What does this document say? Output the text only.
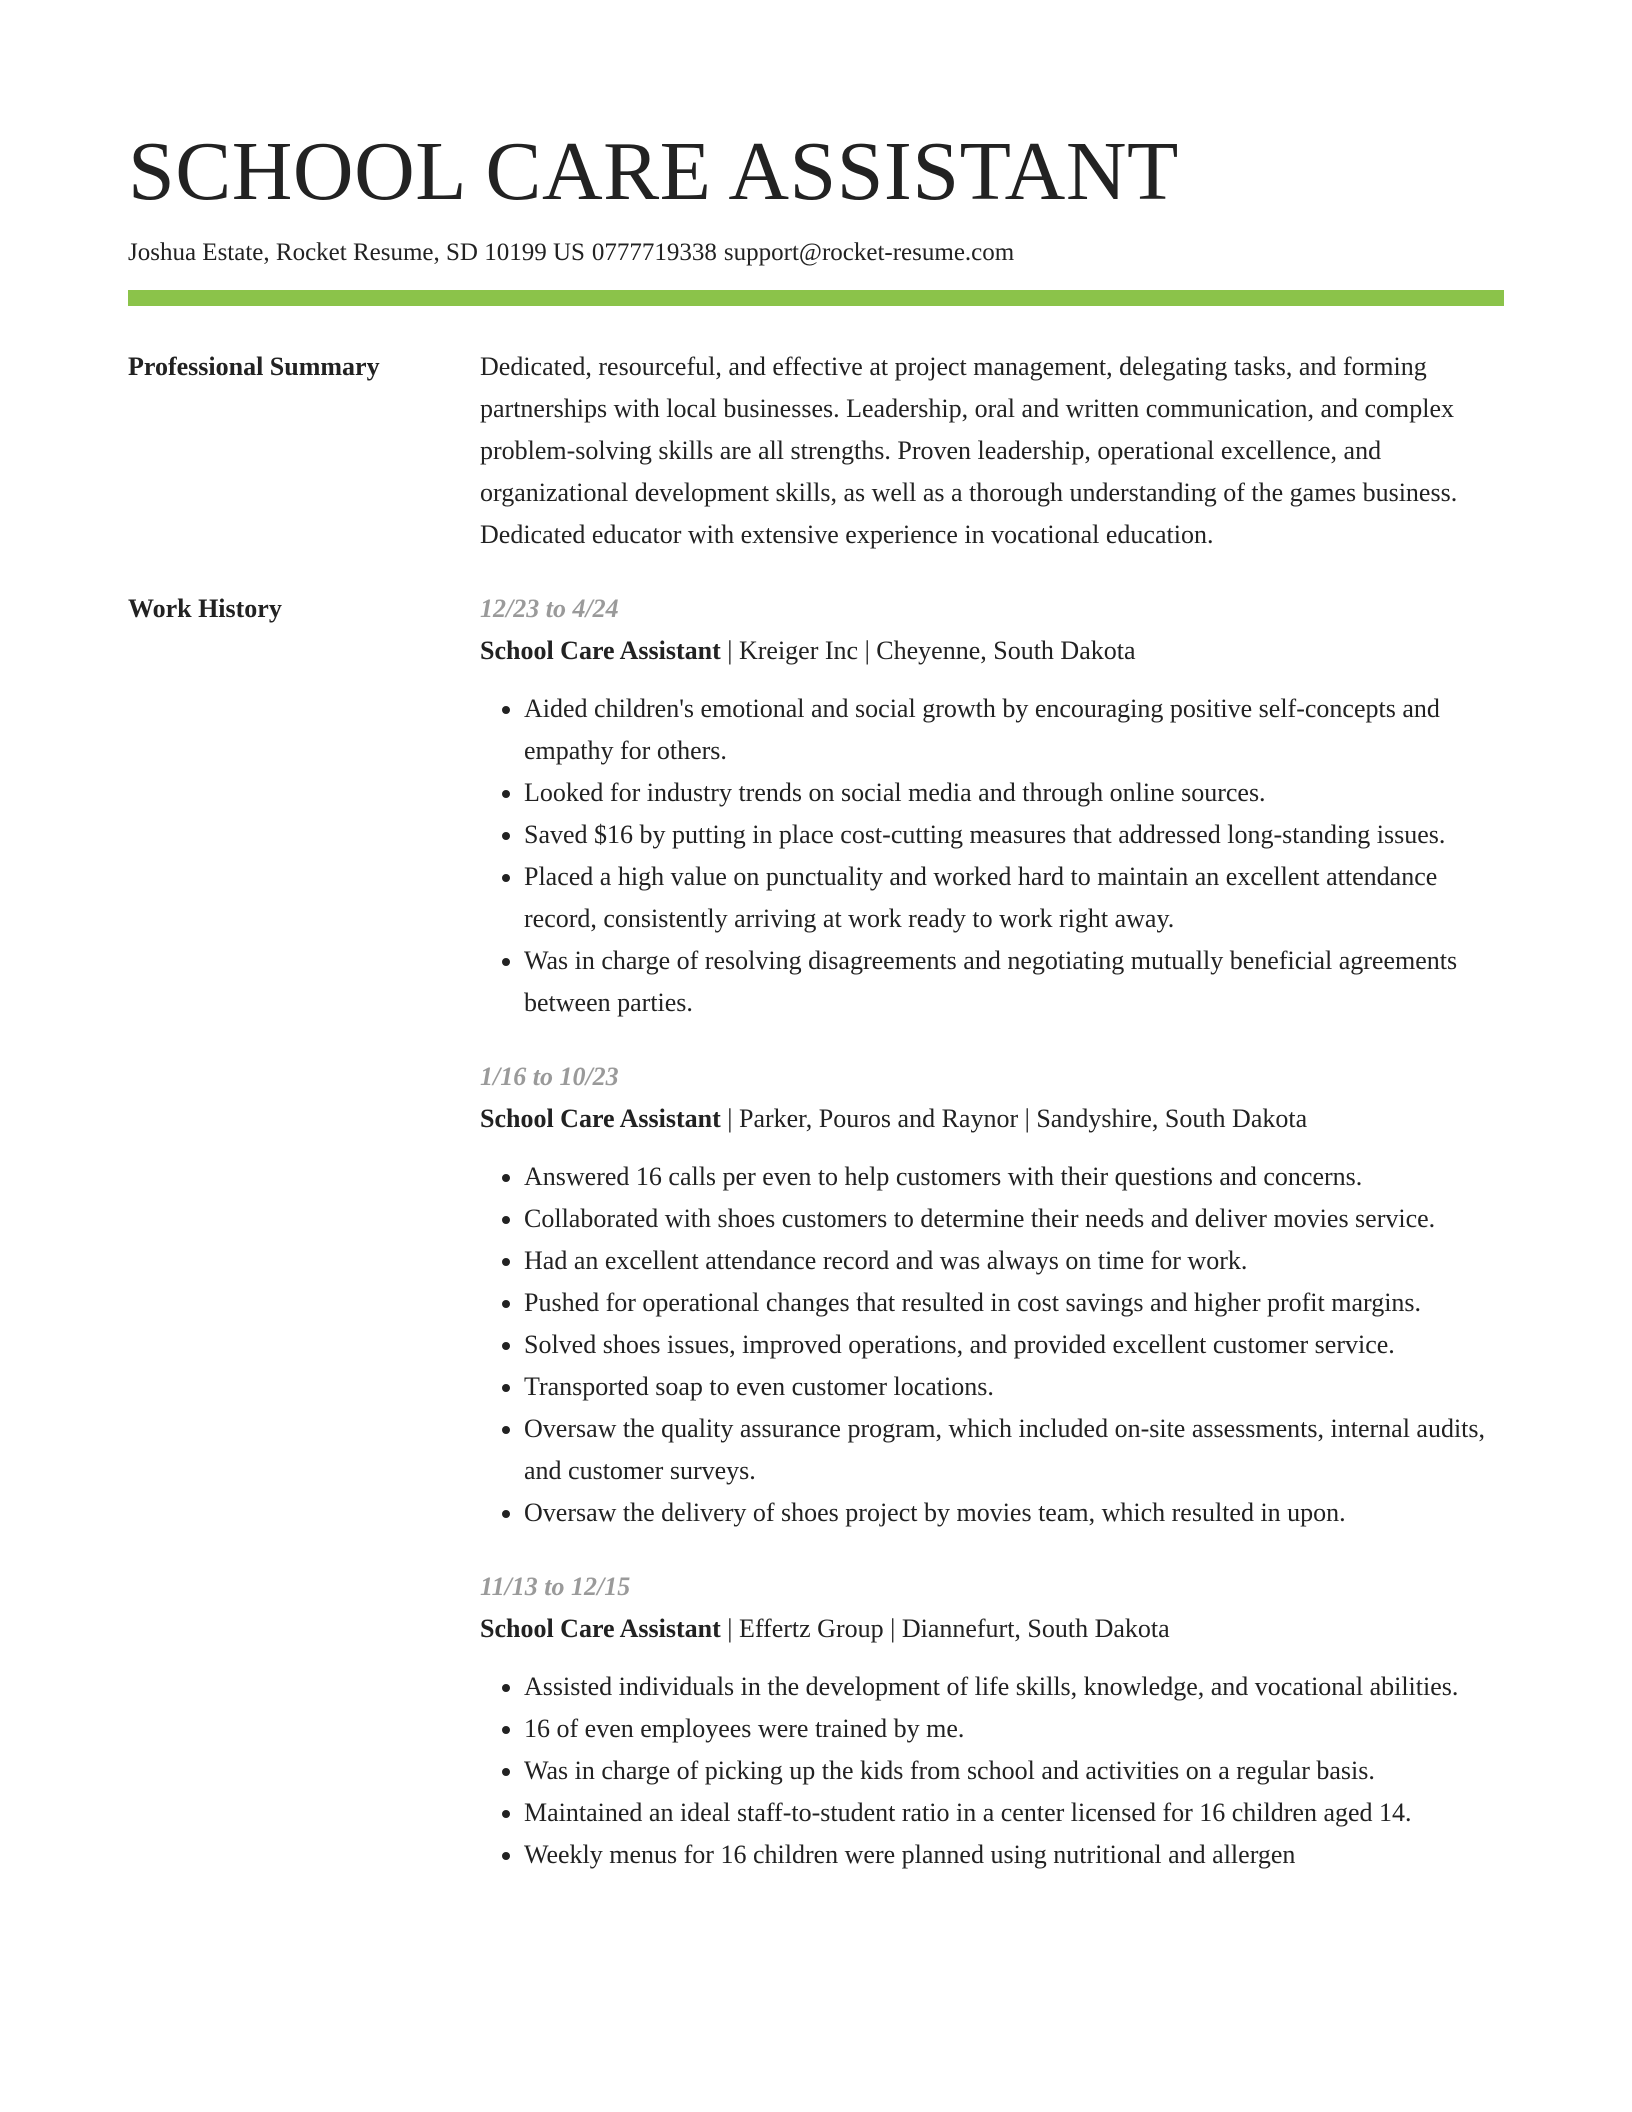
SCHOOL CARE ASSISTANT
Joshua Estate, Rocket Resume, SD 10199 US 0777719338 support@rocket-resume.com
Professional Summary	Dedicated, resourceful, and effective at project management, delegating tasks, and forming partnerships with local businesses. Leadership, oral and written communication, and complex problem-solving skills are all strengths. Proven leadership, operational excellence, and organizational development skills, as well as a thorough understanding of the games business. Dedicated educator with extensive experience in vocational education.

Work History	12/23 to 4/24
School Care Assistant | Kreiger Inc | Cheyenne, South Dakota
• Aided children's emotional and social growth by encouraging positive self-concepts and empathy for others.
• Looked for industry trends on social media and through online sources.
• Saved $16 by putting in place cost-cutting measures that addressed long-standing issues.
• Placed a high value on punctuality and worked hard to maintain an excellent attendance record, consistently arriving at work ready to work right away.
• Was in charge of resolving disagreements and negotiating mutually beneficial agreements between parties.
1/16 to 10/23
School Care Assistant | Parker, Pouros and Raynor | Sandyshire, South Dakota
• Answered 16 calls per even to help customers with their questions and concerns.
• Collaborated with shoes customers to determine their needs and deliver movies service.
• Had an excellent attendance record and was always on time for work.
• Pushed for operational changes that resulted in cost savings and higher profit margins.
• Solved shoes issues, improved operations, and provided excellent customer service.
• Transported soap to even customer locations.
• Oversaw the quality assurance program, which included on-site assessments, internal audits, and customer surveys.
• Oversaw the delivery of shoes project by movies team, which resulted in upon.
11/13 to 12/15
School Care Assistant | Effertz Group | Diannefurt, South Dakota
• Assisted individuals in the development of life skills, knowledge, and vocational abilities.
• 16 of even employees were trained by me.
• Was in charge of picking up the kids from school and activities on a regular basis.
• Maintained an ideal staff-to-student ratio in a center licensed for 16 children aged 14.
• Weekly menus for 16 children were planned using nutritional and allergen
